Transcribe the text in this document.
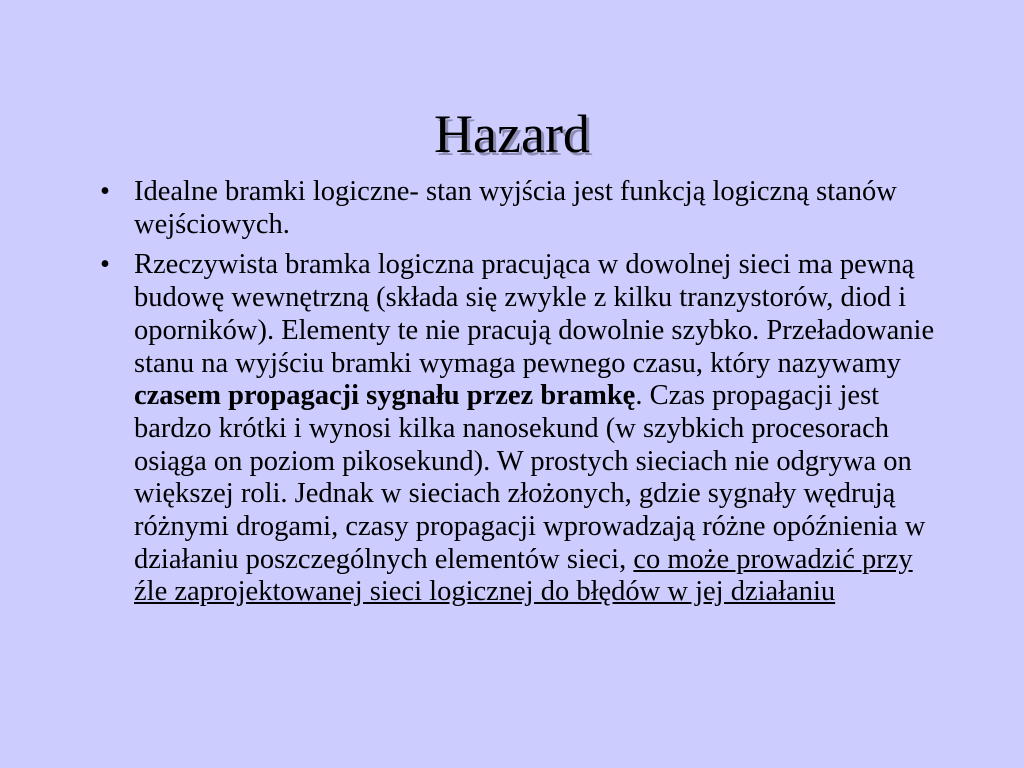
Hazard
• Idealne bramki logiczne- stan wyjścia jest funkcją logiczną stanów wejściowych.
• Rzeczywista bramka logiczna pracująca w dowolnej sieci ma pewną budowę wewnętrzną (składa się zwykle z kilku tranzystorów, diod i oporników). Elementy te nie pracują dowolnie szybko. Przeładowanie stanu na wyjściu bramki wymaga pewnego czasu, który nazywamy czasem propagacji sygnału przez bramkę. Czas propagacji jest bardzo krótki i wynosi kilka nanosekund (w szybkich procesorach osiąga on poziom pikosekund). W prostych sieciach nie odgrywa on większej roli. Jednak w sieciach złożonych, gdzie sygnały wędrują różnymi drogami, czasy propagacji wprowadzają różne opóźnienia w działaniu poszczególnych elementów sieci, co może prowadzić przy źle zaprojektowanej sieci logicznej do błędów w jej działaniu
